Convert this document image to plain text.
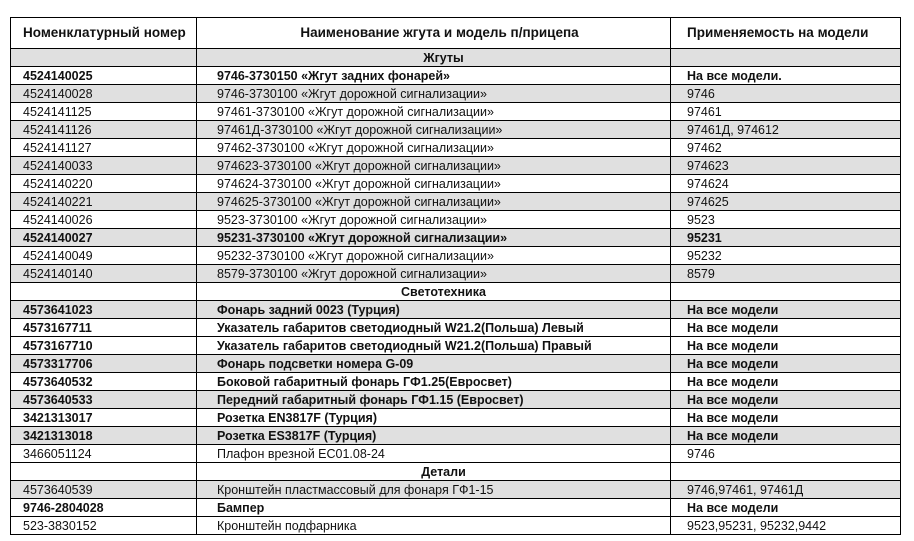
Номенклатурный номер	Наименование жгута и модель п/прицепа	Применяемость на модели
	Жгуты	
4524140025	9746-3730150 «Жгут задних фонарей»	На все модели.
4524140028	9746-3730100 «Жгут дорожной сигнализации»	9746
4524141125	97461-3730100 «Жгут дорожной сигнализации»	97461
4524141126	97461Д-3730100 «Жгут дорожной сигнализации»	97461Д, 974612
4524141127	97462-3730100 «Жгут дорожной сигнализации»	97462
4524140033	974623-3730100 «Жгут дорожной сигнализации»	974623
4524140220	974624-3730100 «Жгут дорожной сигнализации»	974624
4524140221	974625-3730100 «Жгут дорожной сигнализации»	974625
4524140026	9523-3730100 «Жгут дорожной сигнализации»	9523
4524140027	95231-3730100 «Жгут дорожной сигнализации»	95231
4524140049	95232-3730100 «Жгут дорожной сигнализации»	95232
4524140140	8579-3730100 «Жгут дорожной сигнализации»	8579
	Светотехника	
4573641023	Фонарь задний 0023 (Турция)	На все модели
4573167711	Указатель габаритов светодиодный W21.2(Польша) Левый	На все модели
4573167710	Указатель габаритов светодиодный W21.2(Польша) Правый	На все модели
4573317706	Фонарь подсветки номера G-09	На все модели
4573640532	Боковой габаритный фонарь ГФ1.25(Евросвет)	На все модели
4573640533	Передний габаритный фонарь ГФ1.15 (Евросвет)	На все модели
3421313017	Розетка EN3817F (Турция)	На все модели
3421313018	Розетка ES3817F (Турция)	На все модели
3466051124	Плафон врезной ЕС01.08-24	9746
	Детали	
4573640539	Кронштейн пластмассовый для фонаря ГФ1-15	9746,97461, 97461Д
9746-2804028	Бампер	На все модели
523-3830152	Кронштейн подфарника	9523,95231, 95232,9442
